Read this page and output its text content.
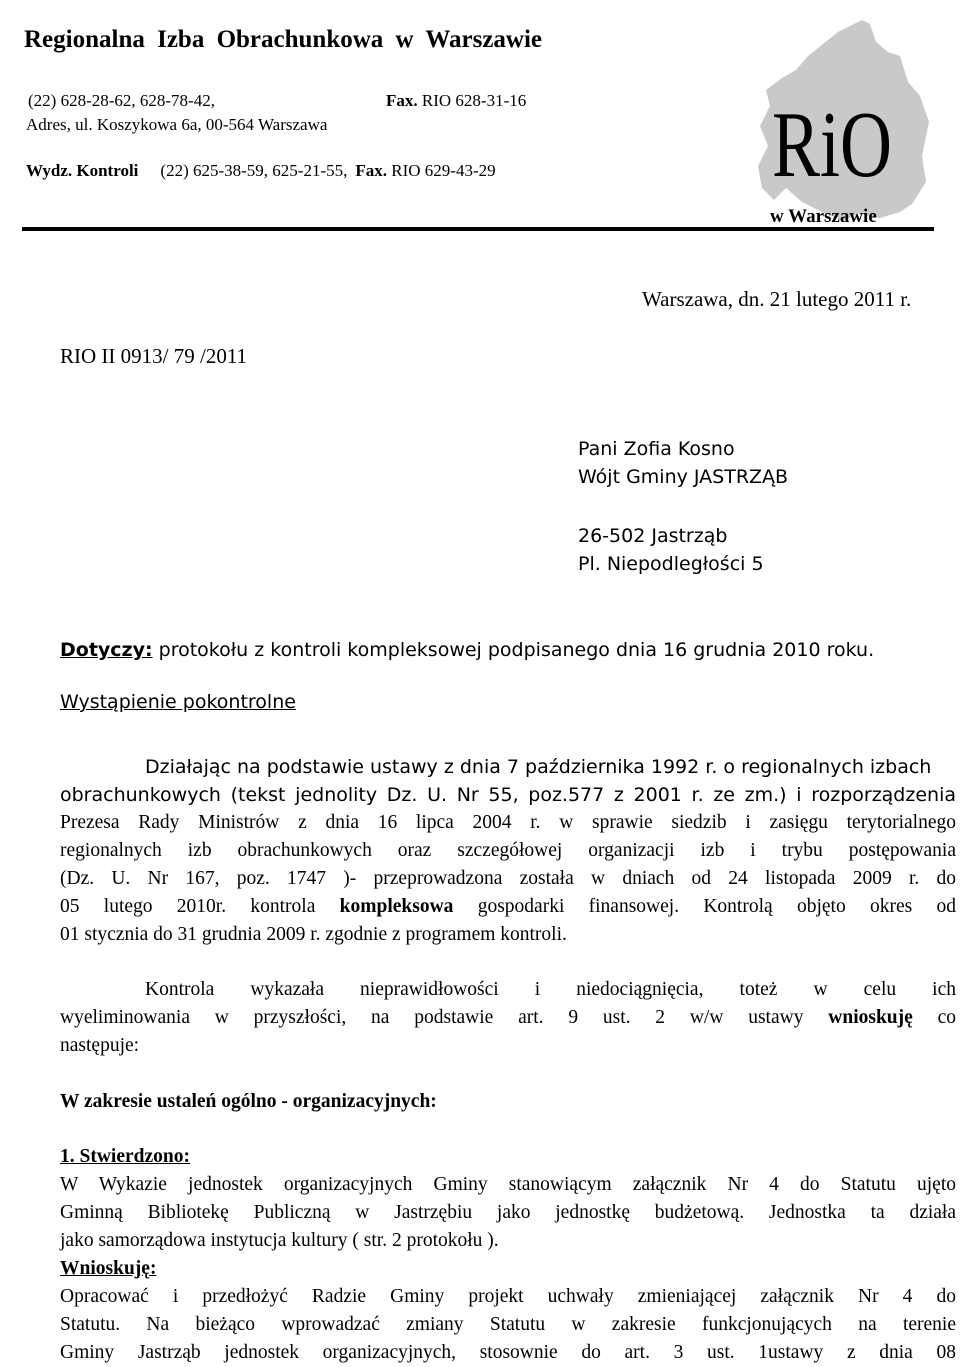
Regionalna Izba Obrachunkowa w Warszawie
(22) 628-28-62, 628-78-42,	Fax. RIO 628-31-16
Adres, ul. Koszykowa 6a, 00-564 Warszawa
Wydz. Kontroli (22) 625-38-59, 625-21-55, Fax. RIO 629-43-29	RiO
w Warszawie
Warszawa, dn. 21 lutego 2011 r.
RIO II 0913/ 79 /2011
Pani Zofia Kosno
Wójt Gminy JASTRZĄB
26-502 Jastrząb
Pl. Niepodległości 5
Dotyczy: protokołu z kontroli kompleksowej podpisanego dnia 16 grudnia 2010 roku.
Wystąpienie pokontrolne
Działając na podstawie ustawy z dnia 7 października 1992 r. o regionalnych izbach
obrachunkowych (tekst jednolity Dz. U. Nr 55, poz.577 z 2001 r. ze zm.) i rozporządzenia
Prezesa Rady Ministrów z dnia 16 lipca 2004 r. w sprawie siedzib i zasięgu terytorialnego
regionalnych izb obrachunkowych oraz szczegółowej organizacji izb i trybu postępowania
(Dz. U. Nr 167, poz. 1747 )- przeprowadzona została w dniach od 24 listopada 2009 r. do
05 lutego 2010r. kontrola kompleksowa gospodarki finansowej. Kontrolą objęto okres od
01 stycznia do 31 grudnia 2009 r. zgodnie z programem kontroli.
Kontrola wykazała nieprawidłowości i niedociągnięcia, toteż w celu ich
wyeliminowania w przyszłości, na podstawie art. 9 ust. 2 w/w ustawy wnioskuję co
następuje:
W zakresie ustaleń ogólno - organizacyjnych:
1. Stwierdzono:
W Wykazie jednostek organizacyjnych Gminy stanowiącym załącznik Nr 4 do Statutu ujęto
Gminną Bibliotekę Publiczną w Jastrzębiu jako jednostkę budżetową. Jednostka ta działa
jako samorządowa instytucja kultury ( str. 2 protokołu ).
Wnioskuję:
Opracować i przedłożyć Radzie Gminy projekt uchwały zmieniającej załącznik Nr 4 do
Statutu. Na bieżąco wprowadzać zmiany Statutu w zakresie funkcjonujących na terenie
Gminy Jastrząb jednostek organizacyjnych, stosownie do art. 3 ust. 1ustawy z dnia 08
